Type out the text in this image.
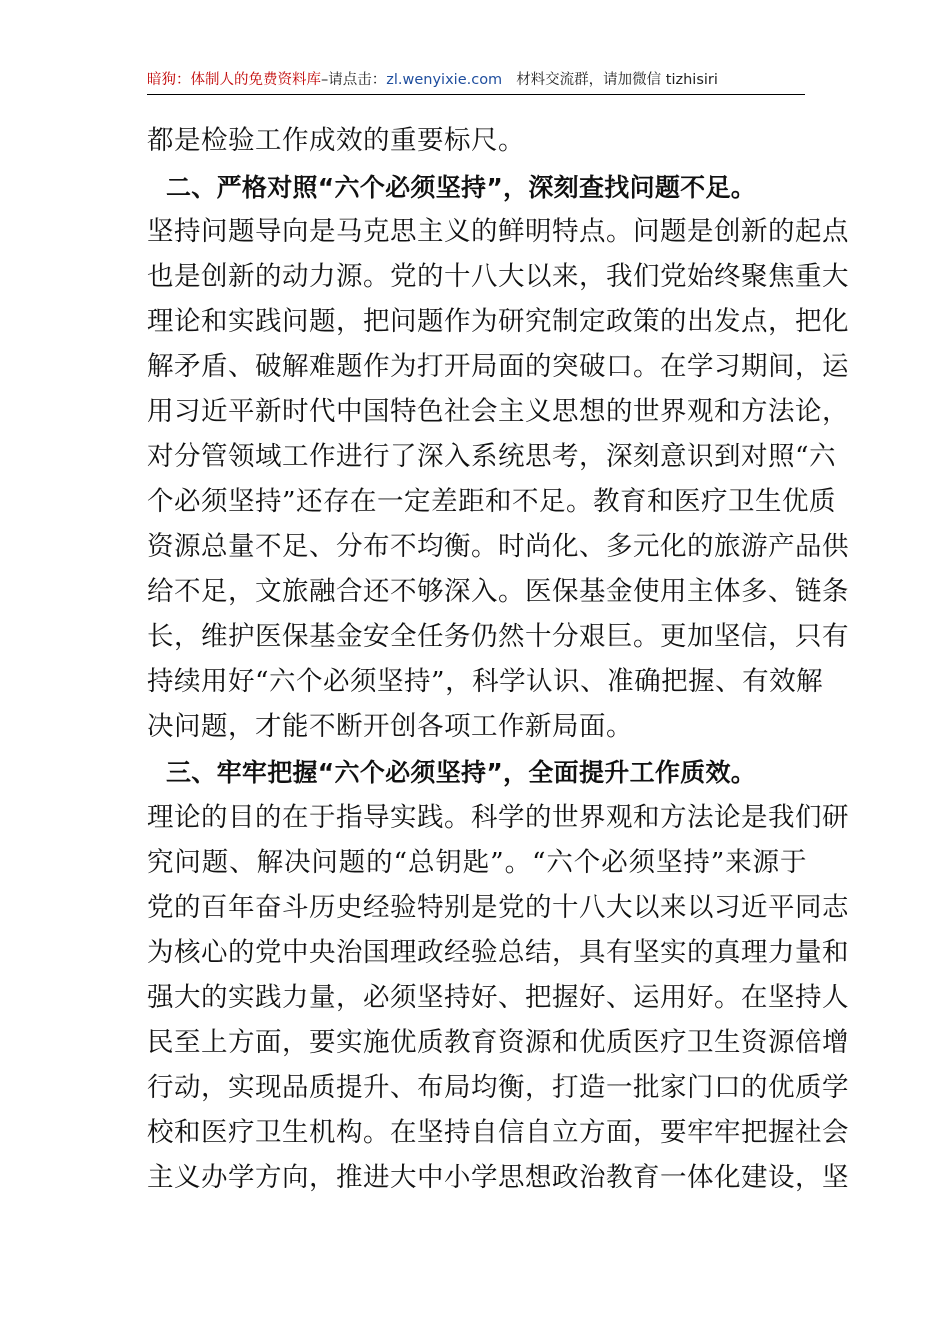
暗狗：体制人的免费资料库–请点击：zl.wenyixie.com 材料交流群，请加微信 tizhisiri
都是检验工作成效的重要标尺。
二、严格对照“六个必须坚持”，深刻查找问题不足。
坚持问题导向是马克思主义的鲜明特点。问题是创新的起点
也是创新的动力源。党的十八大以来，我们党始终聚焦重大
理论和实践问题，把问题作为研究制定政策的出发点，把化
解矛盾、破解难题作为打开局面的突破口。在学习期间，运
用习近平新时代中国特色社会主义思想的世界观和方法论，
对分管领域工作进行了深入系统思考，深刻意识到对照“六
个必须坚持”还存在一定差距和不足。教育和医疗卫生优质
资源总量不足、分布不均衡。时尚化、多元化的旅游产品供
给不足，文旅融合还不够深入。医保基金使用主体多、链条
长，维护医保基金安全任务仍然十分艰巨。更加坚信，只有
持续用好“六个必须坚持”，科学认识、准确把握、有效解
决问题，才能不断开创各项工作新局面。
三、牢牢把握“六个必须坚持”，全面提升工作质效。
理论的目的在于指导实践。科学的世界观和方法论是我们研
究问题、解决问题的“总钥匙”。“六个必须坚持”来源于
党的百年奋斗历史经验特别是党的十八大以来以习近平同志
为核心的党中央治国理政经验总结，具有坚实的真理力量和
强大的实践力量，必须坚持好、把握好、运用好。在坚持人
民至上方面，要实施优质教育资源和优质医疗卫生资源倍增
行动，实现品质提升、布局均衡，打造一批家门口的优质学
校和医疗卫生机构。在坚持自信自立方面，要牢牢把握社会
主义办学方向，推进大中小学思想政治教育一体化建设，坚
